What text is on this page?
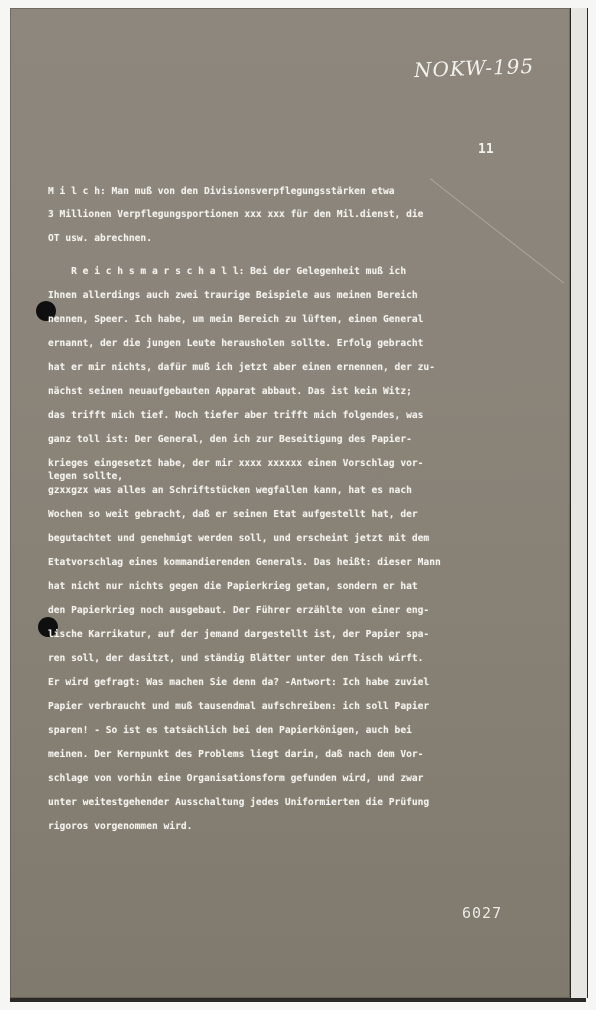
NOKW-195
11
M i l c h: Man muß von den Divisionsverpflegungsstärken etwa
3 Millionen Verpflegungsportionen xxx xxx für den Mil.dienst, die
OT usw. abrechnen.
R e i c h s m a r s c h a l l: Bei der Gelegenheit muß ich
Ihnen allerdings auch zwei traurige Beispiele aus meinen Bereich
nennen, Speer. Ich habe, um mein Bereich zu lüften, einen General
ernannt, der die jungen Leute herausholen sollte. Erfolg gebracht
hat er mir nichts, dafür muß ich jetzt aber einen ernennen, der zu-
nächst seinen neuaufgebauten Apparat abbaut. Das ist kein Witz;
das trifft mich tief. Noch tiefer aber trifft mich folgendes, was
ganz toll ist: Der General, den ich zur Beseitigung des Papier-
krieges eingesetzt habe, der mir xxxx xxxxxx einen Vorschlag vor-
legen sollte,
gzxxgzx was alles an Schriftstücken wegfallen kann, hat es nach
Wochen so weit gebracht, daß er seinen Etat aufgestellt hat, der
begutachtet und genehmigt werden soll, und erscheint jetzt mit dem
Etatvorschlag eines kommandierenden Generals. Das heißt: dieser Mann
hat nicht nur nichts gegen die Papierkrieg getan, sondern er hat
den Papierkrieg noch ausgebaut. Der Führer erzählte von einer eng-
lische Karrikatur, auf der jemand dargestellt ist, der Papier spa-
ren soll, der dasitzt, und ständig Blätter unter den Tisch wirft.
Er wird gefragt: Was machen Sie denn da? -Antwort: Ich habe zuviel
Papier verbraucht und muß tausendmal aufschreiben: ich soll Papier
sparen! - So ist es tatsächlich bei den Papierkönigen, auch bei
meinen. Der Kernpunkt des Problems liegt darin, daß nach dem Vor-
schlage von vorhin eine Organisationsform gefunden wird, und zwar
unter weitestgehender Ausschaltung jedes Uniformierten die Prüfung
rigoros vorgenommen wird.
6027
